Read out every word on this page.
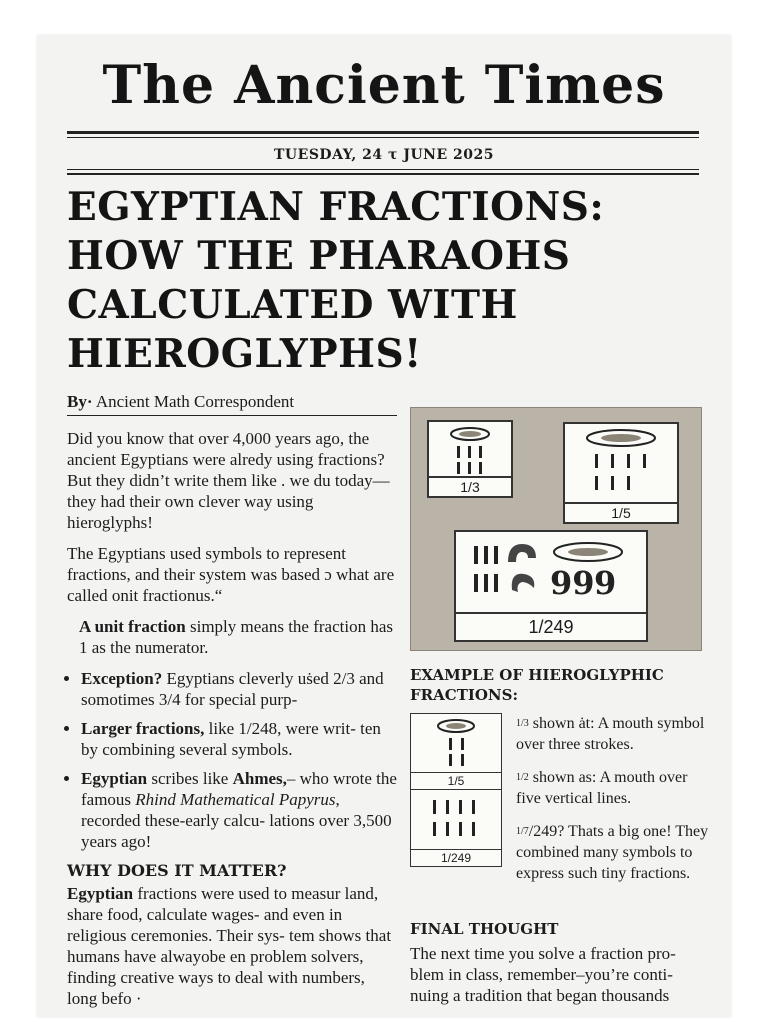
The Ancient Times
TUESDAY, 24 τ JUNE 2025
EGYPTIAN FRACTIONS: HOW THE PHARAOHS CALCULATED WITH HIEROGLYPHS!
By· Ancient Math Correspondent

Did you know that over 4,000 years ago, the ancient Egyptians were alredy using fractions? But they didn’t write them like . we du today—they had their own clever way using hieroglyphs!

The Egyptians used symbols to represent fractions, and their system was based ɔ what are called onit fractionus.“

A unit fraction simply means the fraction has 1 as the numerator.

• Exception? Egyptians cleverly uṡed 2/3 and somotimes 3/4 for special purp-
• Larger fractions, like 1/248, were writ- ten by combining several symbols.
• Egyptian scribes like Ahmes,– who wrote the famous Rhind Mathematical Papyrus, recorded these-early calcu- lations over 3,500 years ago!
WHY DOES IT MATTER?

Egyptian fractions were used to measur land, share food, calculate wages- and even in religious ceremonies. Their sys- tem shows that humans have alwayobe en problem solvers, finding creative ways to deal with numbers, long befo ·

1/3
1/5
99 9
1/249
EXAMPLE OF HIEROGLYPHIC FRACTIONS:
1/5
1/249

$^{1/3}$ shown ȧt: A mouth symbol over three strokes.

$^{1/2}$ shown as: A mouth over five vertical lines.

$^{1/7}$/249? Thats a big one! They combined many symbols to express such tiny fractions.

FINAL THOUGHT

The next time you solve a fraction pro- blem in class, remember–you’re conti- nuing a tradition that began thousands
